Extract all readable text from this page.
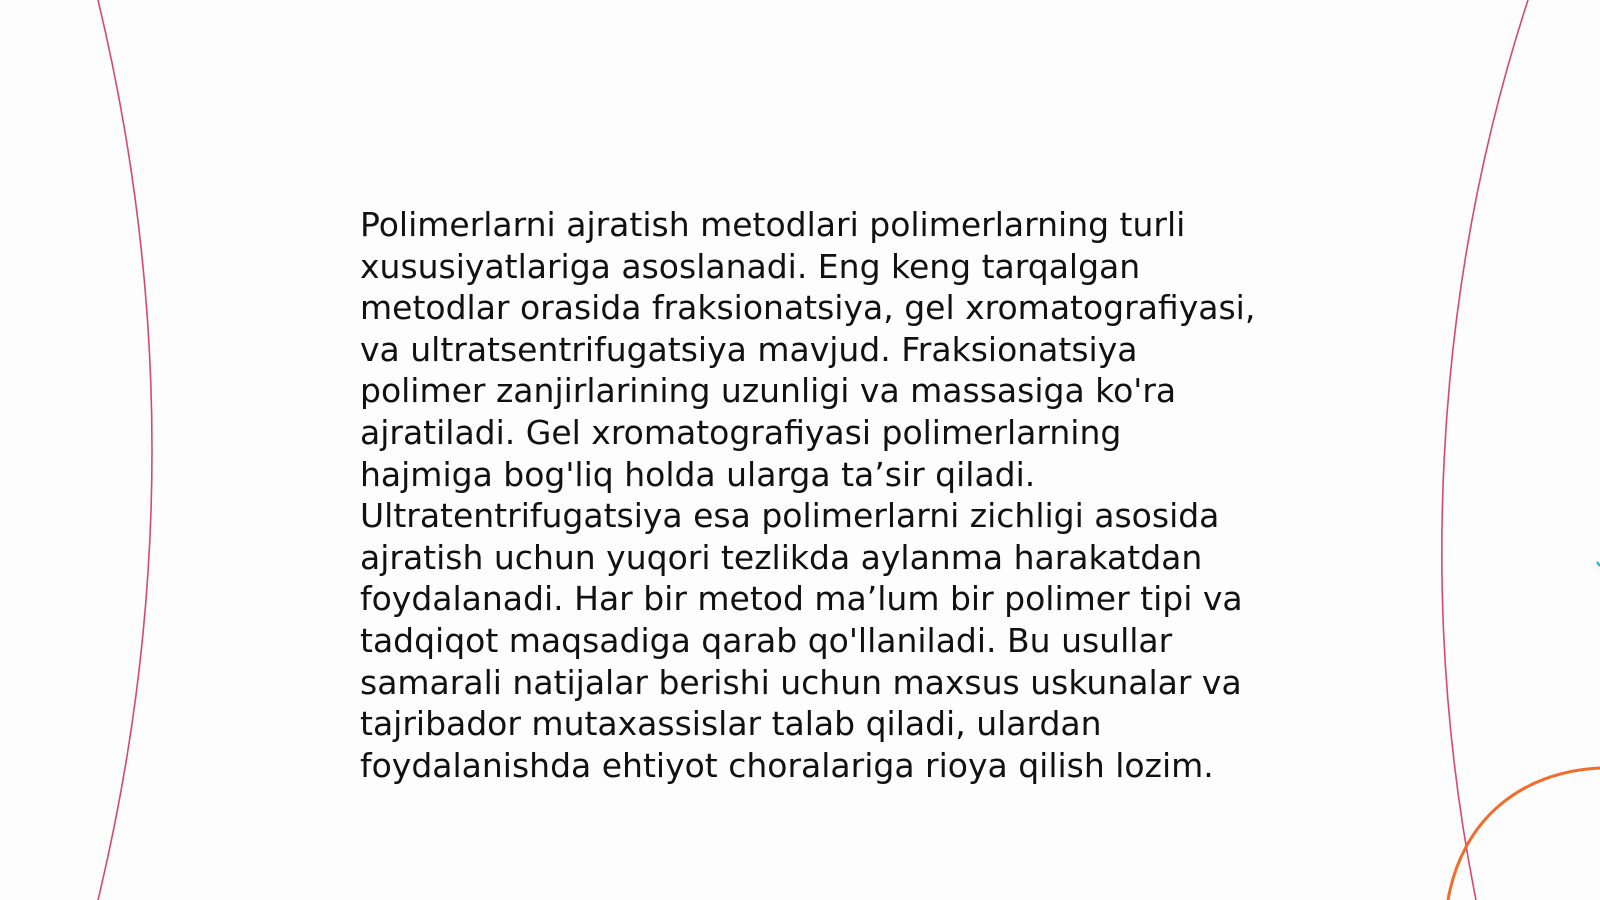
Polimerlarni ajratish metodlari polimerlarning turli
xususiyatlariga asoslanadi. Eng keng tarqalgan
metodlar orasida fraksionatsiya, gel xromatografiyasi,
va ultratsentrifugatsiya mavjud. Fraksionatsiya
polimer zanjirlarining uzunligi va massasiga ko'ra
ajratiladi. Gel xromatografiyasi polimerlarning
hajmiga bog'liq holda ularga ta’sir qiladi.
Ultratentrifugatsiya esa polimerlarni zichligi asosida
ajratish uchun yuqori tezlikda aylanma harakatdan
foydalanadi. Har bir metod ma’lum bir polimer tipi va
tadqiqot maqsadiga qarab qo'llaniladi. Bu usullar
samarali natijalar berishi uchun maxsus uskunalar va
tajribador mutaxassislar talab qiladi, ulardan
foydalanishda ehtiyot choralariga rioya qilish lozim.
